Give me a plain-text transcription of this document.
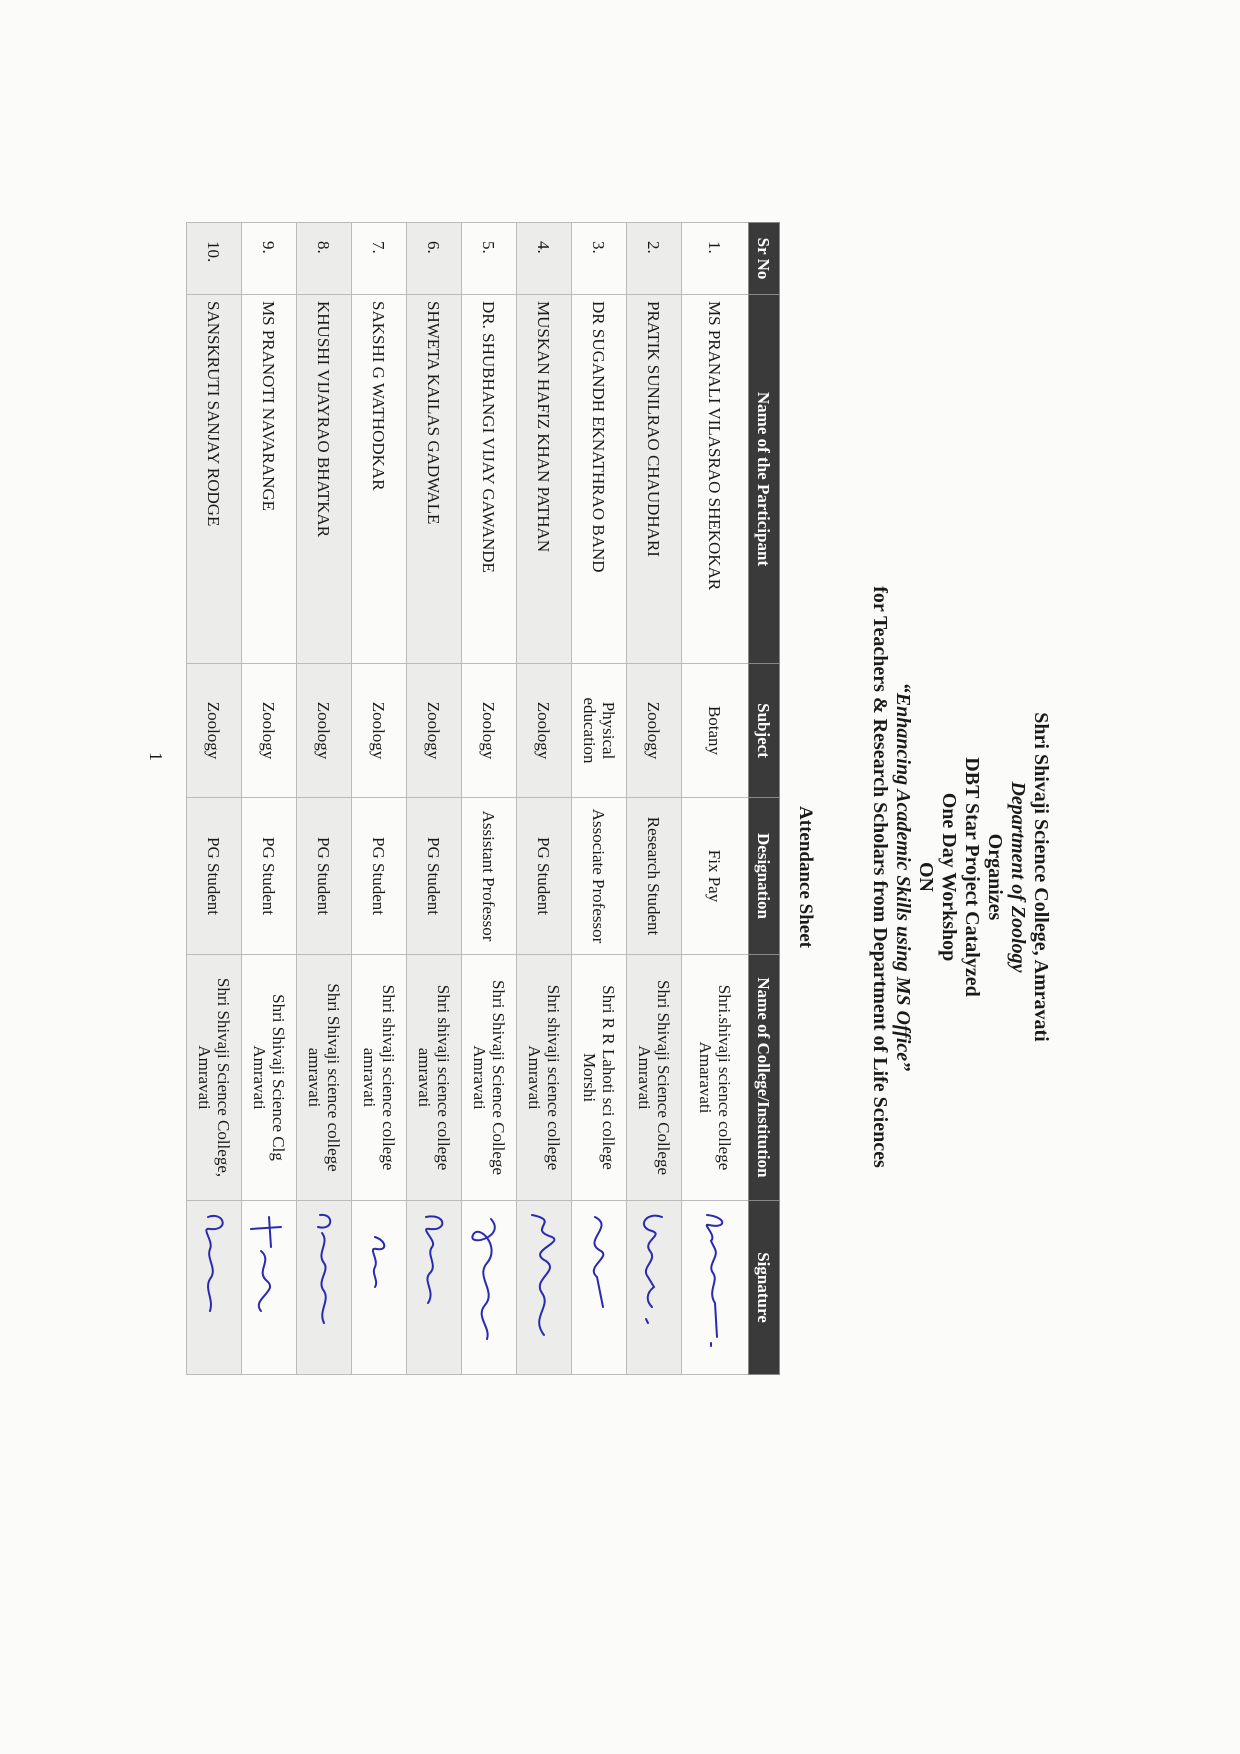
Shri Shivaji Science College, Amravati
Department of Zoology
Organizes
DBT Star Project Catalyzed
One Day Workshop
ON
“Enhancing Academic Skills using MS Office”
for Teachers & Research Scholars from Department of Life Sciences
Attendance Sheet
Sr No	Name of the Participant	Subject	Designation	Name of College/Institution	Signature
1.	MS PRANALI VILASRAO SHEKOKAR	Botany	Fix Pay	Shri.shivaji science college Amaravati	

2.	PRATIK SUNILRAO CHAUDHARI	Zoology	Research Student	Shri Shivaji Science College Amravati	

3.	DR SUGANDH EKNATHRAO BAND	Physical education	Associate Professor	Shri R R Lahoti sci college Morshi	

4.	MUSKAN HAFIZ KHAN PATHAN	Zoology	PG Student	Shri shivaji science college Amravati	

5.	DR. SHUBHANGI VIJAY GAWANDE	Zoology	Assistant Professor	Shri Shivaji Science College Amravati	

6.	SHWETA KAILAS GADWALE	Zoology	PG Student	Shri shivaji science college amravati	

7.	SAKSHI G WATHODKAR	Zoology	PG Student	Shri shivaji science college amravati	

8.	KHUSHI VIJAYRAO BHATKAR	Zoology	PG Student	Shri Shivaji science college amravati	

9.	MS PRANOTI NAVARANGE	Zoology	PG Student	Shri Shivaji Science Clg Amravati	

10.	SANSKRUTI SANJAY RODGE	Zoology	PG Student	Shri Shivaji Science College, Amravati	
1
